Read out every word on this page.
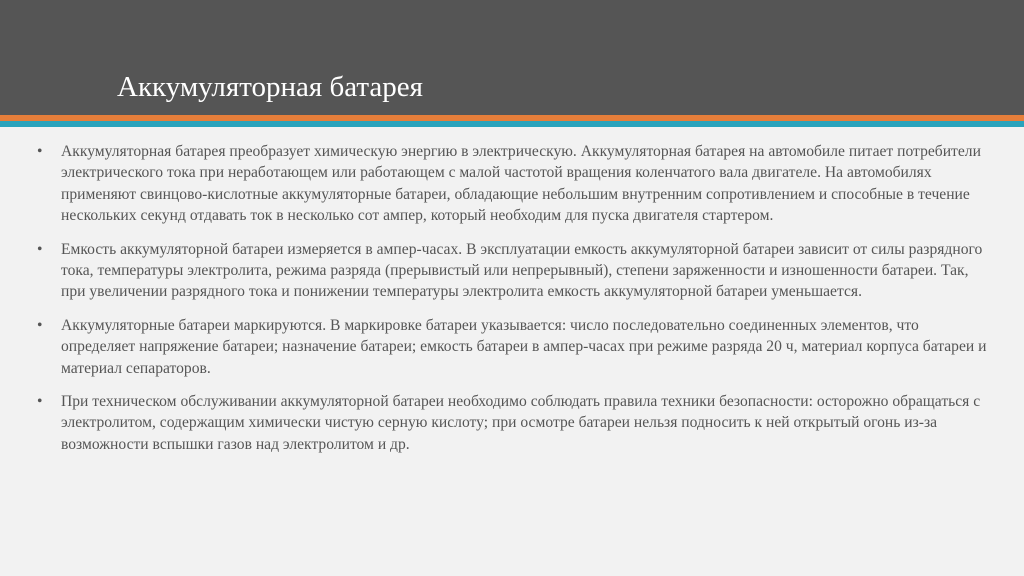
Аккумуляторная батарея
• Аккумуляторная батарея преобразует химическую энергию в электрическую. Аккумуляторная батарея на автомобиле питает потребители электрического тока при неработающем или работающем с малой частотой вращения коленчатого вала двигателе. На автомобилях применяют свинцово-кислотные аккумуляторные батареи, обладающие небольшим внутренним сопротивлением и способные в течение нескольких секунд отдавать ток в несколько сот ампер, который необходим для пуска двигателя стартером.
• Емкость аккумуляторной батареи измеряется в ампер-часах. В эксплуатации емкость аккумуляторной батареи зависит от силы разрядного тока, температуры электролита, режима разряда (прерывистый или непрерывный), степени заряженности и изношенности батареи. Так, при увеличении разрядного тока и понижении температуры электролита емкость аккумуляторной батареи уменьшается.
• Аккумуляторные батареи маркируются. В маркировке батареи указывается: число последовательно соединенных элементов, что определяет напряжение батареи; назначение батареи; емкость батареи в ампер-часах при режиме разряда 20 ч, материал корпуса батареи и материал сепараторов.
• При техническом обслуживании аккумуляторной батареи необходимо соблюдать правила техники безопасности: осторожно обращаться с электролитом, содержащим химически чистую серную кислоту; при осмотре батареи нельзя подносить к ней открытый огонь из-за возможности вспышки газов над электролитом и др.
